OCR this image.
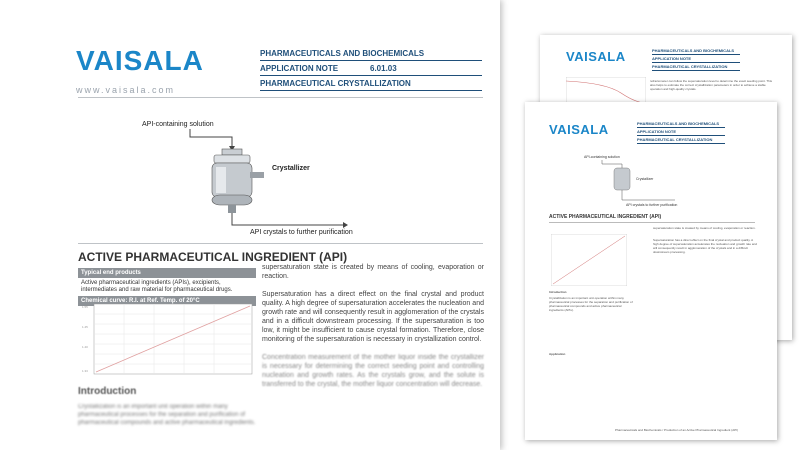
VAISALA
www.vaisala.com
PHARMACEUTICALS AND BIOCHEMICALS
APPLICATION NOTE	6.01.03
PHARMACEUTICAL CRYSTALLIZATION
API-containing solution
Crystallizer
API crystals to further purification
ACTIVE PHARMACEUTICAL INGREDIENT (API)
Typical end products
Active pharmaceutical ingredients (APIs), excipients, intermediates and raw material for pharmaceutical drugs.
Chemical curve: R.I. at Ref. Temp. of 20°C
1.55
1.45
1.40
1.33
Introduction
Crystallization is an important unit operation within many pharmaceutical processes for the separation and purification of pharmaceutical compounds and active pharmaceutical ingredients.

supersaturation state is created by means of cooling, evaporation or reaction.

Supersaturation has a direct effect on the final crystal and product quality. A high degree of supersaturation accelerates the nucleation and growth rate and will consequently result in agglomeration of the crystals and in a difficult downstream processing. If the supersaturation is too low, it might be insufficient to cause crystal formation. Therefore, close monitoring of the supersaturation is necessary in crystallization control.

Concentration measurement of the mother liquor inside the crystallizer is necessary for determining the correct seeding point and controlling nucleation and growth rates. As the crystals grow, and the solute is transferred to the crystal, the mother liquor concentration will decrease.

VAISALA	PHARMACEUTICALS AND BIOCHEMICALS
APPLICATION NOTE
PHARMACEUTICAL CRYSTALLIZATION
refractometer can follow the supersaturation level to determine the exact seeding point. This also helps to estimate the correct crystallization parameters in order to achieve a stable operation and high-quality crystals.
VAISALA	PHARMACEUTICALS AND BIOCHEMICALS
APPLICATION NOTE
PHARMACEUTICAL CRYSTALLIZATION
API-containing solution
Crystallizer
API crystals to further purification
ACTIVE PHARMACEUTICAL INGREDIENT (API)
Introduction
Crystallization is an important unit operation within many pharmaceutical processes for the separation and purification of pharmaceutical compounds and active pharmaceutical ingredients (APIs).
Application
supersaturation state is created by means of cooling, evaporation or reaction.
Supersaturation has a direct effect on the final crystal and product quality. A high degree of supersaturation accelerates the nucleation and growth rate and will consequently result in agglomeration of the crystals and in a difficult downstream processing.
Pharmaceuticals and Biochemicals / Production of an Active Pharmaceutical Ingredient (API)
